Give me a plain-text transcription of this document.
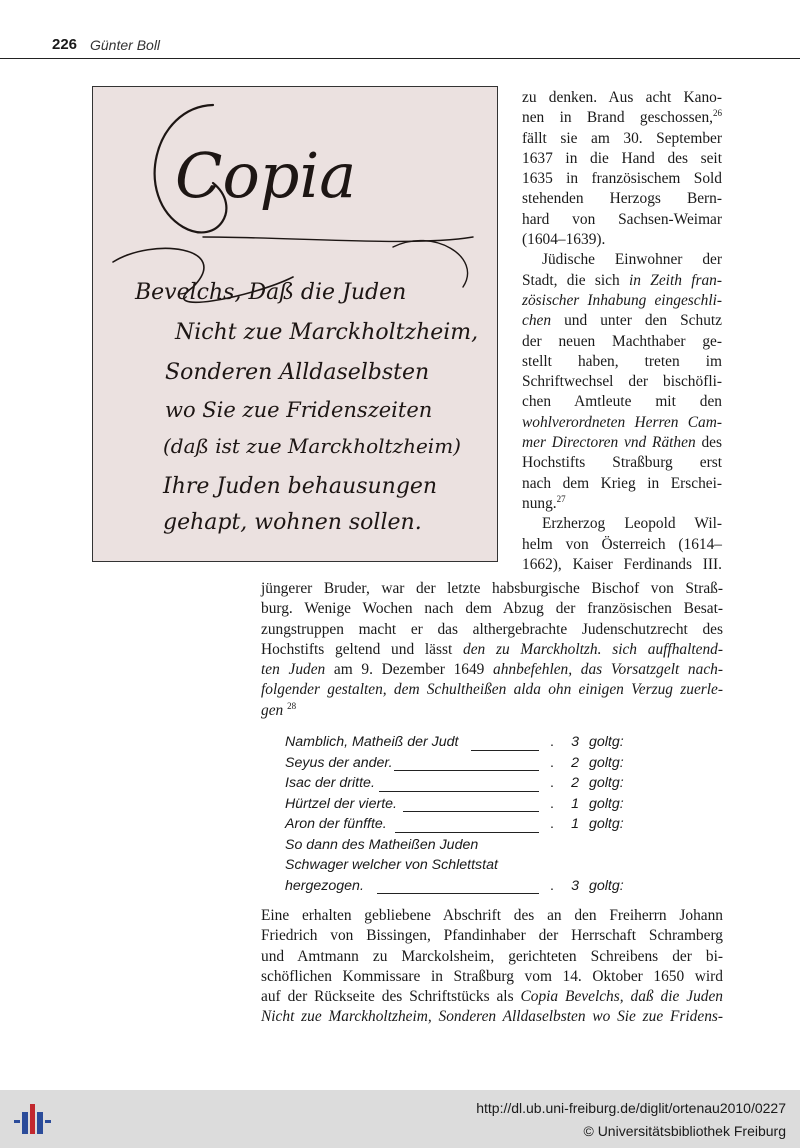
226 Günter Boll
Copia
Bevelchs, Daß die Juden
Nicht zue Marckholtzheim,
Sonderen Alldaselbsten
wo Sie zue Fridenszeiten
(daß ist zue Marckholtzheim)
Ihre Juden behausungen
gehapt, wohnen sollen.

zu denken. Aus acht Kano-
nen in Brand geschossen,$^{26}$
fällt sie am 30. September
1637 in die Hand des seit
1635 in französischem Sold
stehenden Herzogs Bern-
hard von Sachsen-Weimar
(1604–1639).

Jüdische Einwohner der
Stadt, die sich in Zeith fran-
zösischer Inhabung eingeschli-
chen und unter den Schutz
der neuen Machthaber ge-
stellt haben, treten im
Schriftwechsel der bischöfli-
chen Amtleute mit den
wohlverordneten Herren Cam-
mer Directoren vnd Räthen des
Hochstifts Straßburg erst
nach dem Krieg in Erschei-
nung.$^{27}$

Erzherzog Leopold Wil-
helm von Österreich (1614–
1662), Kaiser Ferdinands III.

jüngerer Bruder, war der letzte habsburgische Bischof von Straß-
burg. Wenige Wochen nach dem Abzug der französischen Besat-
zungstruppen macht er das althergebrachte Judenschutzrecht des
Hochstifts geltend und lässt den zu Marckholtzh. sich auffhaltend-
ten Juden am 9. Dezember 1649 ahnbefehlen, das Vorsatzgelt nach-
folgender gestalten, dem Schultheißen alda ohn einigen Verzug zuerle-
gen $^{28}$
Namblich, Matheiß der Judt	. 3 goltg:
Seyus der ander.	. 2 goltg:
Isac der dritte.	. 2 goltg:
Hürtzel der vierte.	. 1 goltg:
Aron der fünffte.	. 1 goltg:
So dann des Matheißen Juden
Schwager welcher von Schlettstat
hergezogen.	. 3 goltg:
Eine erhalten gebliebene Abschrift des an den Freiherrn Johann
Friedrich von Bissingen, Pfandinhaber der Herrschaft Schramberg
und Amtmann zu Marckolsheim, gerichteten Schreibens der bi-
schöflichen Kommissare in Straßburg vom 14. Oktober 1650 wird
auf der Rückseite des Schriftstücks als Copia Bevelchs, daß die Juden
Nicht zue Marckholtzheim, Sonderen Alldaselbsten wo Sie zue Fridens-
http://dl.ub.uni-freiburg.de/diglit/ortenau2010/0227
© Universitätsbibliothek Freiburg
